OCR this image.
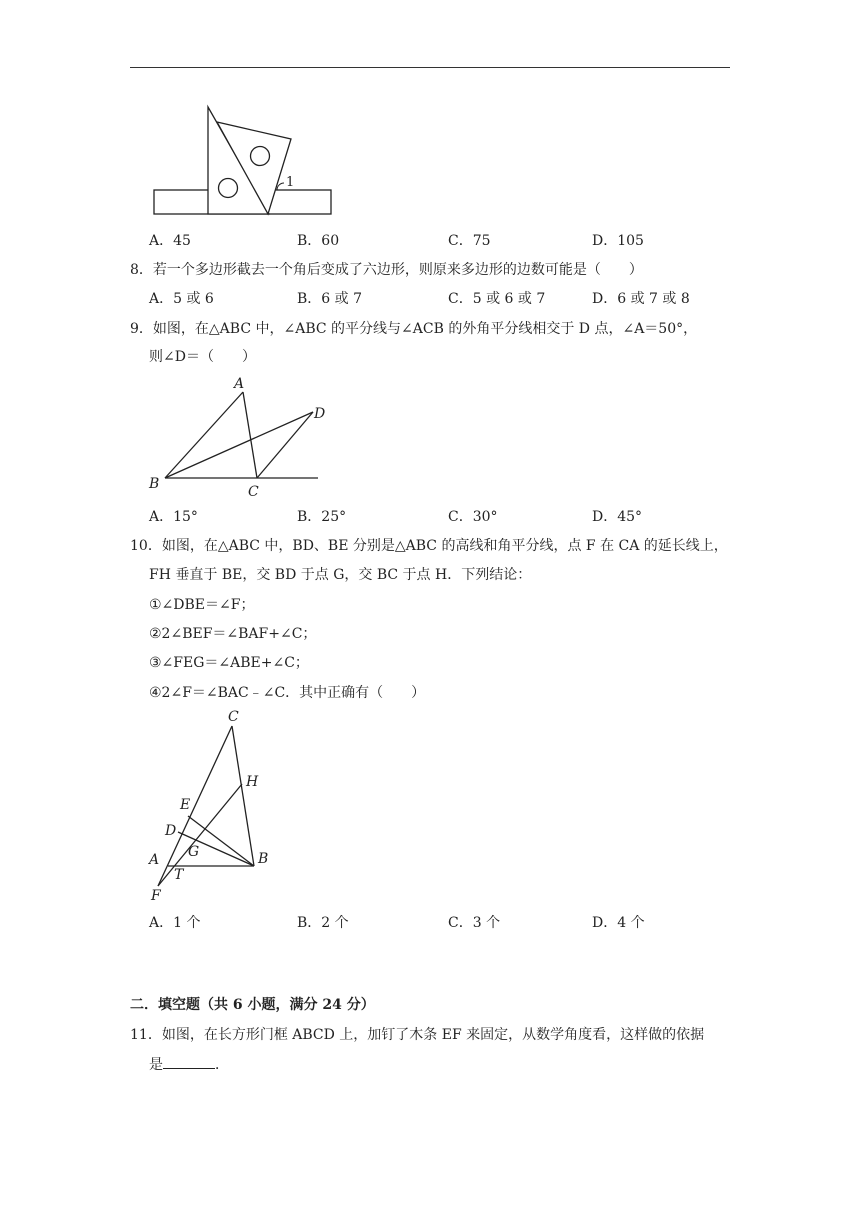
1
A．45	B．60	C．75	D．105
8．若一个多边形截去一个角后变成了六边形，则原来多边形的边数可能是（　　）
A．5 或 6	B．6 或 7	C．5 或 6 或 7	D．6 或 7 或 8
9．如图，在△ABC 中，∠ABC 的平分线与∠ACB 的外角平分线相交于 D 点，∠A＝50°，
则∠D＝（　　）
A
B	C
D
A．15°	B．25°	C．30°	D．45°
10．如图，在△ABC 中，BD、BE 分别是△ABC 的高线和角平分线，点 F 在 CA 的延长线上，
FH 垂直于 BE，交 BD 于点 G，交 BC 于点 H．下列结论：
①∠DBE＝∠F；
②2∠BEF＝∠BAF+∠C；
③∠FEG＝∠ABE+∠C；
④2∠F＝∠BAC﹣∠C．其中正确有（　　）
C
H
E
D
G
A
T
B
F
A．1 个	B．2 个	C．3 个	D．4 个
二．填空题（共 6 小题，满分 24 分）
11．如图，在长方形门框 ABCD 上，加钉了木条 EF 来固定，从数学角度看，这样做的依据
是	．
